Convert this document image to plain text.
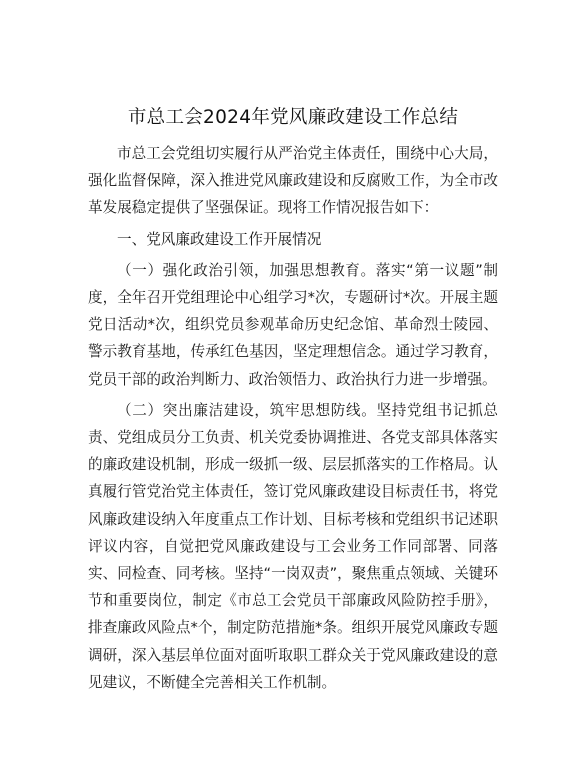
市总工会2024年党风廉政建设工作总结

市总工会党组切实履行从严治党主体责任，围绕中心大局，强化监督保障，深入推进党风廉政建设和反腐败工作，为全市改革发展稳定提供了坚强保证。现将工作情况报告如下：

一、党风廉政建设工作开展情况

（一）强化政治引领，加强思想教育。落实“第一议题”制度，全年召开党组理论中心组学习*次，专题研讨*次。开展主题党日活动*次，组织党员参观革命历史纪念馆、革命烈士陵园、警示教育基地，传承红色基因，坚定理想信念。通过学习教育，党员干部的政治判断力、政治领悟力、政治执行力进一步增强。

（二）突出廉洁建设，筑牢思想防线。坚持党组书记抓总责、党组成员分工负责、机关党委协调推进、各党支部具体落实的廉政建设机制，形成一级抓一级、层层抓落实的工作格局。认真履行管党治党主体责任，签订党风廉政建设目标责任书，将党风廉政建设纳入年度重点工作计划、目标考核和党组织书记述职评议内容，自觉把党风廉政建设与工会业务工作同部署、同落实、同检查、同考核。坚持“一岗双责”，聚焦重点领域、关键环节和重要岗位，制定《市总工会党员干部廉政风险防控手册》，排查廉政风险点*个，制定防范措施*条。组织开展党风廉政专题调研，深入基层单位面对面听取职工群众关于党风廉政建设的意见建议，不断健全完善相关工作机制。
